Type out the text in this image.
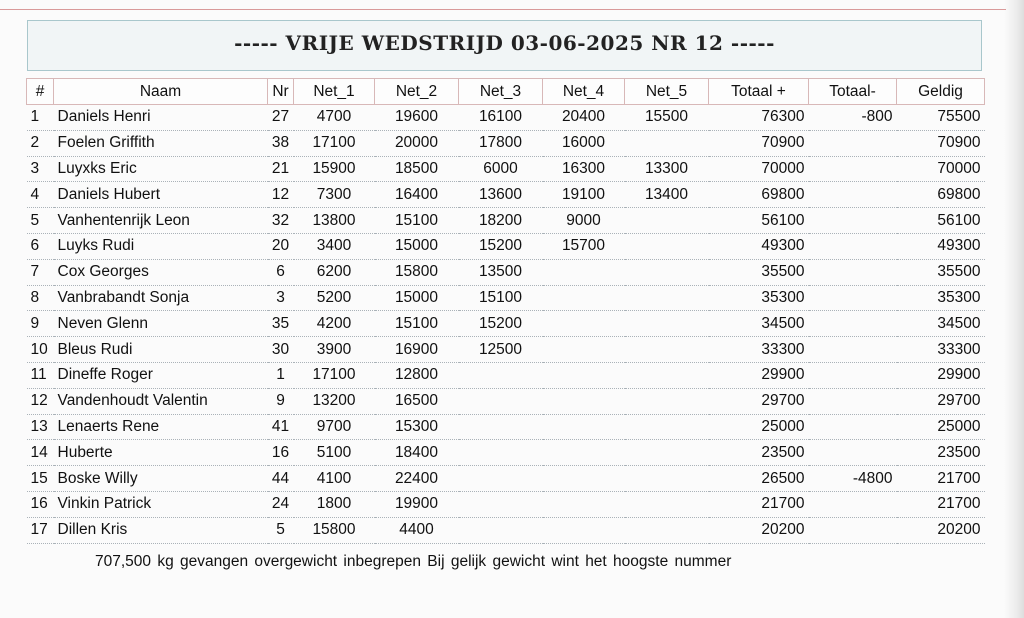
----- VRIJE WEDSTRIJD 03-06-2025 NR 12 -----
#	Naam	Nr	Net_1	Net_2	Net_3	Net_4	Net_5	Totaal +	Totaal-	Geldig
1	Daniels Henri	27	4700	19600	16100	20400	15500	76300	-800	75500
2	Foelen Griffith	38	17100	20000	17800	16000		70900		70900
3	Luyxks Eric	21	15900	18500	6000	16300	13300	70000		70000
4	Daniels Hubert	12	7300	16400	13600	19100	13400	69800		69800
5	Vanhentenrijk Leon	32	13800	15100	18200	9000		56100		56100
6	Luyks Rudi	20	3400	15000	15200	15700		49300		49300
7	Cox Georges	6	6200	15800	13500			35500		35500
8	Vanbrabandt Sonja	3	5200	15000	15100			35300		35300
9	Neven Glenn	35	4200	15100	15200			34500		34500
10	Bleus Rudi	30	3900	16900	12500			33300		33300
11	Dineffe Roger	1	17100	12800				29900		29900
12	Vandenhoudt Valentin	9	13200	16500				29700		29700
13	Lenaerts Rene	41	9700	15300				25000		25000
14	Huberte	16	5100	18400				23500		23500
15	Boske Willy	44	4100	22400				26500	-4800	21700
16	Vinkin Patrick	24	1800	19900				21700		21700
17	Dillen Kris	5	15800	4400				20200		20200
707,500 kg gevangen overgewicht inbegrepen Bij gelijk gewicht wint het hoogste nummer
